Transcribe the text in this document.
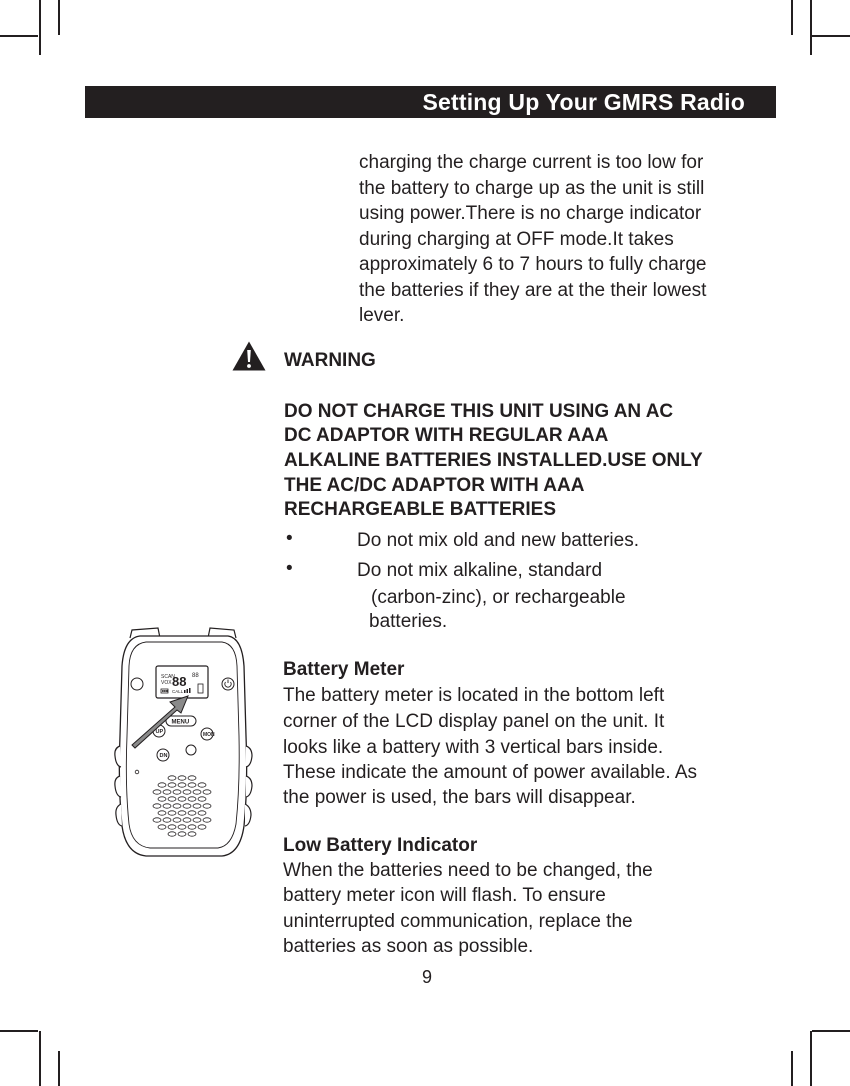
Setting Up Your GMRS Radio
charging the charge current is too low for
the battery to charge up as the unit is still
using power.There is no charge indicator
during charging at OFF mode.It takes
approximately 6 to 7 hours to fully charge
the batteries if they are at the their lowest
lever.
WARNING
DO NOT CHARGE THIS UNIT USING AN AC
DC ADAPTOR WITH REGULAR AAA
ALKALINE BATTERIES INSTALLED.USE ONLY
THE AC/DC ADAPTOR WITH AAA
RECHARGEABLE BATTERIES
•	Do not mix old and new batteries.
•	Do not mix alkaline, standard
(carbon-zinc), or rechargeable
batteries.
Battery Meter
The battery meter is located in the bottom left
corner of the LCD display panel on the unit. It
looks like a battery with 3 vertical bars inside.
These indicate the amount of power available. As
the power is used, the bars will disappear.
Low Battery Indicator
When the batteries need to be changed, the
battery meter icon will flash. To ensure
uninterrupted communication, replace the
batteries as soon as possible.
SCAN
VOX 88 88
CALL
MENU
UP
DN
MON
9
